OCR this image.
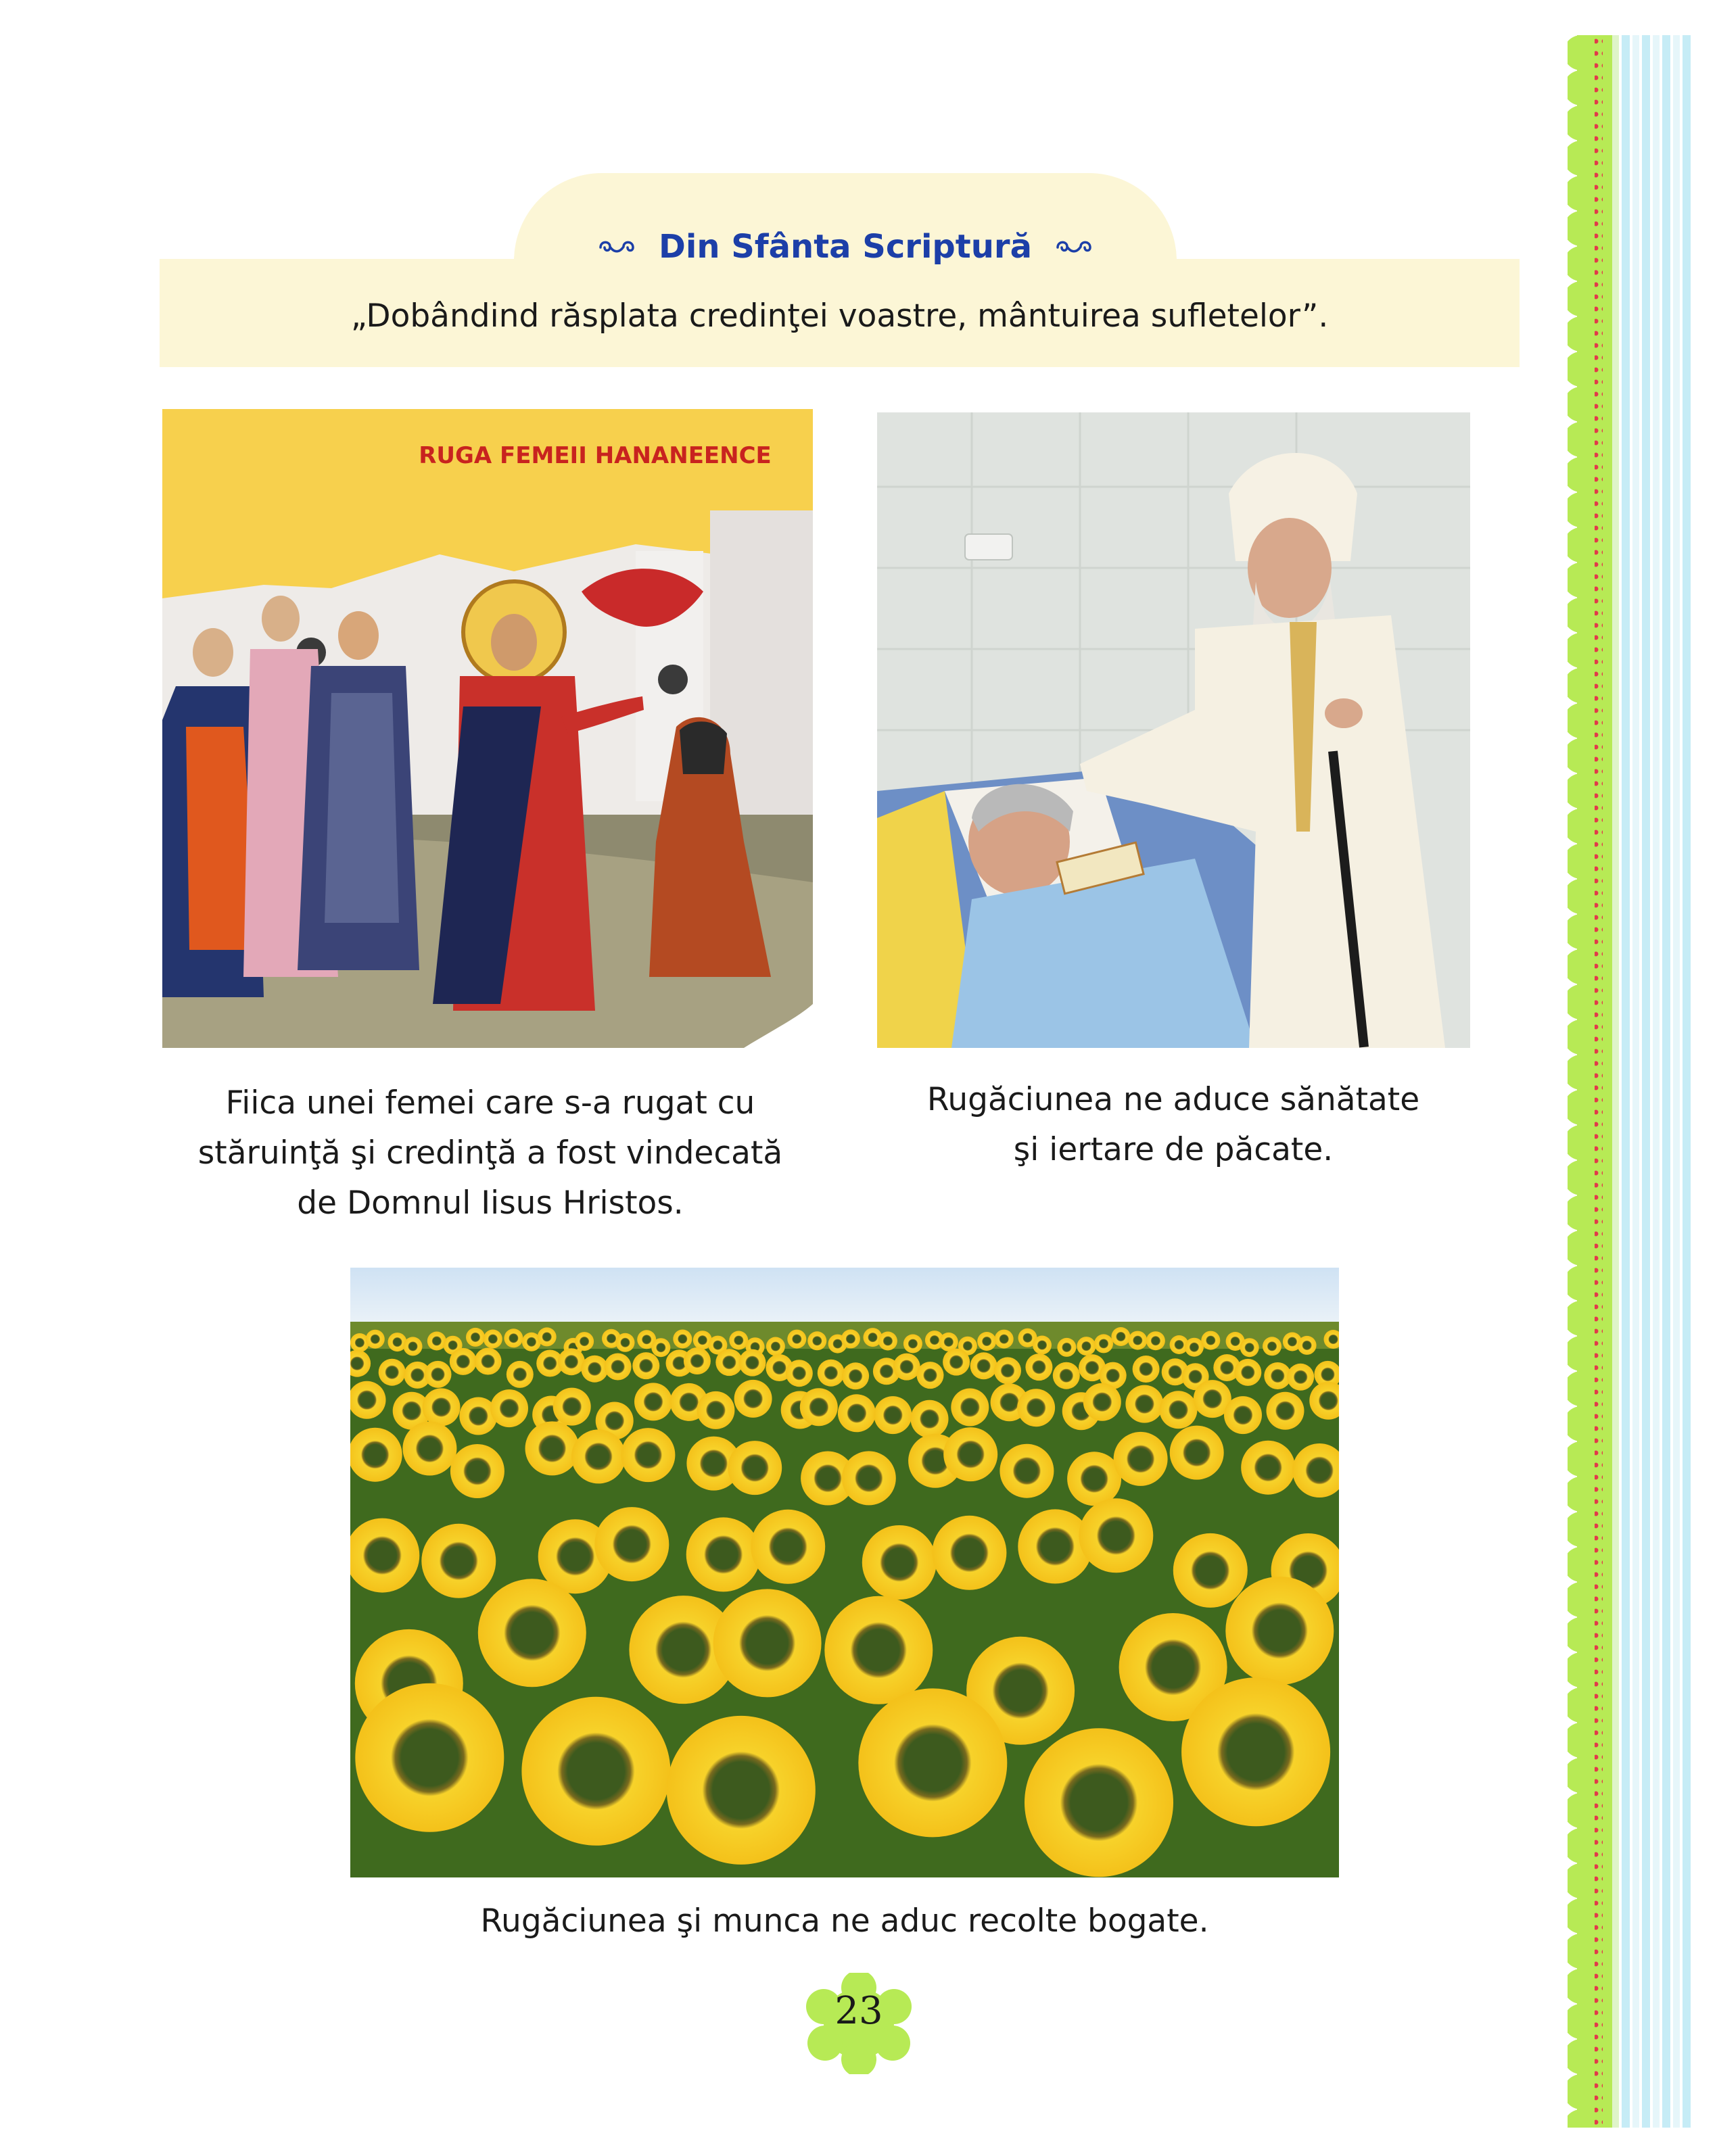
Din Sfânta Scriptură
„Dobândind răsplata credinţei voastre, mântuirea sufletelor”.
RUGA FEMEII HANANEENCE
Fiica unei femei care s-a rugat cu
stăruinţă şi credinţă a fost vindecată
de Domnul Iisus Hristos.
Rugăciunea ne aduce sănătate
şi iertare de păcate.
Rugăciunea şi munca ne aduc recolte bogate.
23
